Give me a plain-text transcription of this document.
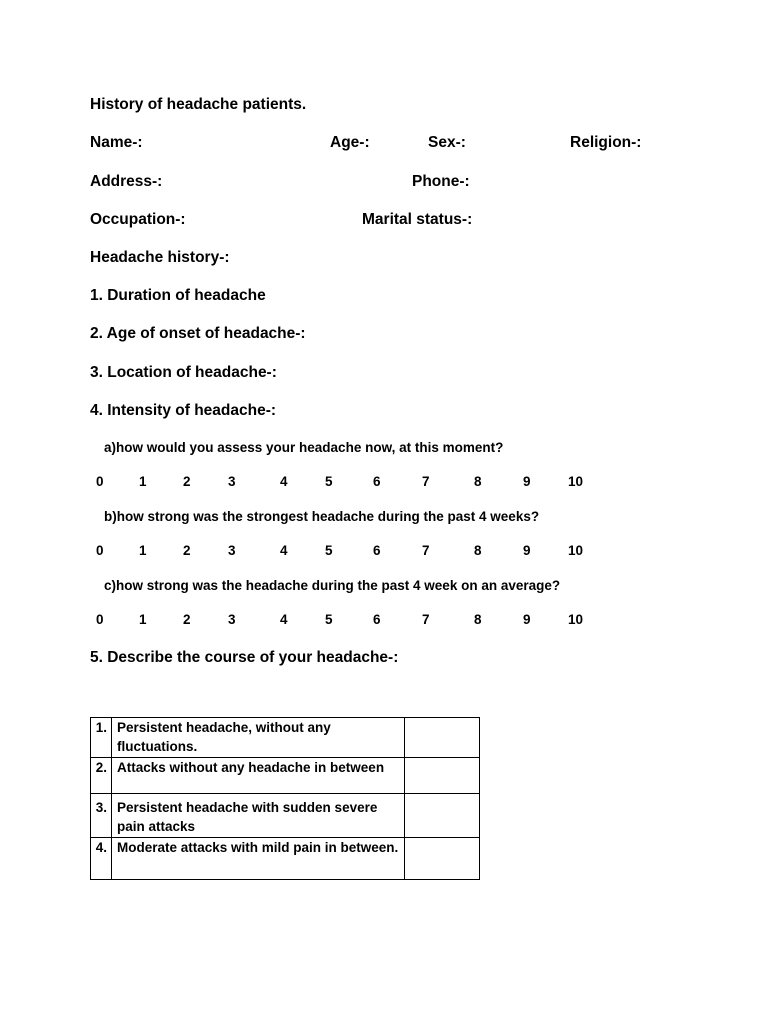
History of headache patients.
Name-:	Age-:	Sex-:	Religion-:
Address-:	Phone-:
Occupation-:	Marital status-:
Headache history-:
1. Duration of headache
2. Age of onset of headache-:
3. Location of headache-:
4. Intensity of headache-:
a)how would you assess your headache now, at this moment?
b)how strong was the strongest headache during the past 4 weeks?
c)how strong was the headache during the past 4 week on an average?
5. Describe the course of your headache-:
1.	Persistent headache, without any fluctuations.	
2.	Attacks without any headache in between	
3.	Persistent headache with sudden severe pain attacks	
4.	Moderate attacks with mild pain in between.	
0	1	2	3	4	5	6	7	8	9	10
0	1	2	3	4	5	6	7	8	9	10
0	1	2	3	4	5	6	7	8	9	10
